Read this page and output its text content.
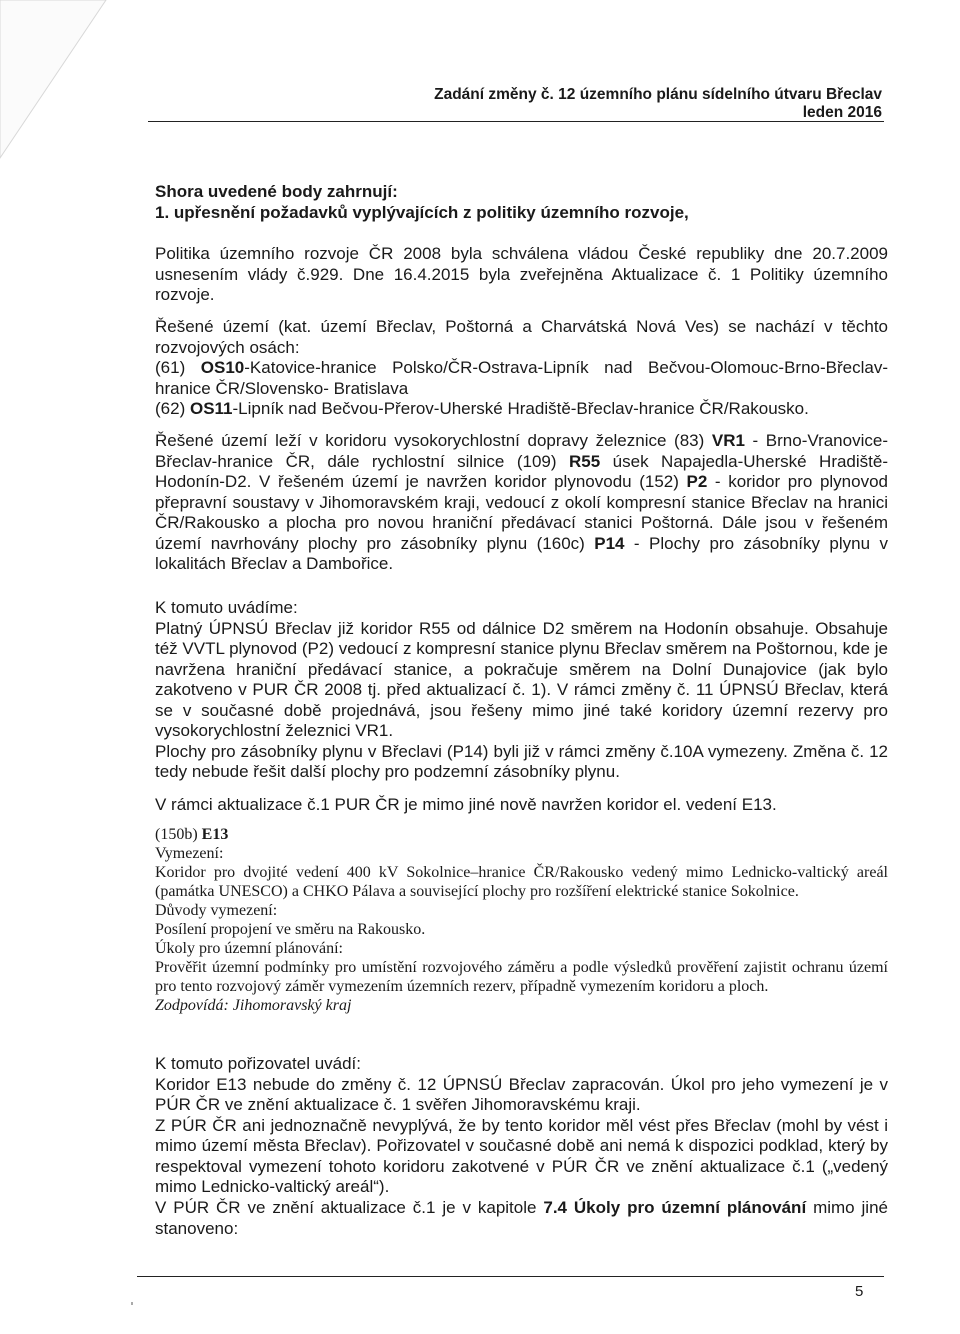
Zadání změny č. 12 územního plánu sídelního útvaru Břeclav
leden 2016

Shora uvedené body zahrnují:

1. upřesnění požadavků vyplývajících z politiky územního rozvoje,

Politika územního rozvoje ČR 2008 byla schválena vládou České republiky dne 20.7.2009 usnesením vlády č.929. Dne 16.4.2015 byla zveřejněna Aktualizace č. 1 Politiky územního rozvoje.

Řešené území (kat. území Břeclav, Poštorná a Charvátská Nová Ves) se nachází v těchto rozvojových osách:

(61) OS10-Katovice-hranice Polsko/ČR-Ostrava-Lipník nad Bečvou-Olomouc-Brno-Břeclav-hranice ČR/Slovensko- Bratislava

(62) OS11-Lipník nad Bečvou-Přerov-Uherské Hradiště-Břeclav-hranice ČR/Rakousko.

Řešené území leží v koridoru vysokorychlostní dopravy železnice (83) VR1 - Brno-Vranovice-Břeclav-hranice ČR, dále rychlostní silnice (109) R55 úsek Napajedla-Uherské Hradiště-Hodonín-D2. V řešeném území je navržen koridor plynovodu (152) P2 - koridor pro plynovod přepravní soustavy v Jihomoravském kraji, vedoucí z okolí kompresní stanice Břeclav na hranici ČR/Rakousko a plocha pro novou hraniční předávací stanici Poštorná. Dále jsou v řešeném území navrhovány plochy pro zásobníky plynu (160c) P14 - Plochy pro zásobníky plynu v lokalitách Břeclav a Dambořice.

K tomuto uvádíme:

Platný ÚPNSÚ Břeclav již koridor R55 od dálnice D2 směrem na Hodonín obsahuje. Obsahuje též VVTL plynovod (P2) vedoucí z kompresní stanice plynu Břeclav směrem na Poštornou, kde je navržena hraniční předávací stanice, a pokračuje směrem na Dolní Dunajovice (jak bylo zakotveno v PUR ČR 2008 tj. před aktualizací č. 1). V rámci změny č. 11 ÚPNSÚ Břeclav, která se v současné době projednává, jsou řešeny mimo jiné také koridory územní rezervy pro vysokorychlostní železnici VR1.

Plochy pro zásobníky plynu v Břeclavi (P14) byli již v rámci změny č.10A vymezeny. Změna č. 12 tedy nebude řešit další plochy pro podzemní zásobníky plynu.

V rámci aktualizace č.1 PUR ČR je mimo jiné nově navržen koridor el. vedení E13.

(150b) E13

Vymezení:

Koridor pro dvojité vedení 400 kV Sokolnice–hranice ČR/Rakousko vedený mimo Lednicko-valtický areál (památka UNESCO) a CHKO Pálava a související plochy pro rozšíření elektrické stanice Sokolnice.

Důvody vymezení:

Posílení propojení ve směru na Rakousko.

Úkoly pro územní plánování:

Prověřit územní podmínky pro umístění rozvojového záměru a podle výsledků prověření zajistit ochranu území pro tento rozvojový záměr vymezením územních rezerv, případně vymezením koridoru a ploch.

Zodpovídá: Jihomoravský kraj

K tomuto pořizovatel uvádí:

Koridor E13 nebude do změny č. 12 ÚPNSÚ Břeclav zapracován. Úkol pro jeho vymezení je v PÚR ČR ve znění aktualizace č. 1 svěřen Jihomoravskému kraji.

Z PÚR ČR ani jednoznačně nevyplývá, že by tento koridor měl vést přes Břeclav (mohl by vést i mimo území města Břeclav). Pořizovatel v současné době ani nemá k dispozici podklad, který by respektoval vymezení tohoto koridoru zakotvené v PÚR ČR ve znění aktualizace č.1 („vedený mimo Lednicko-valtický areál“).

V PÚR ČR ve znění aktualizace č.1 je v kapitole 7.4 Úkoly pro územní plánování mimo jiné stanoveno:

5
